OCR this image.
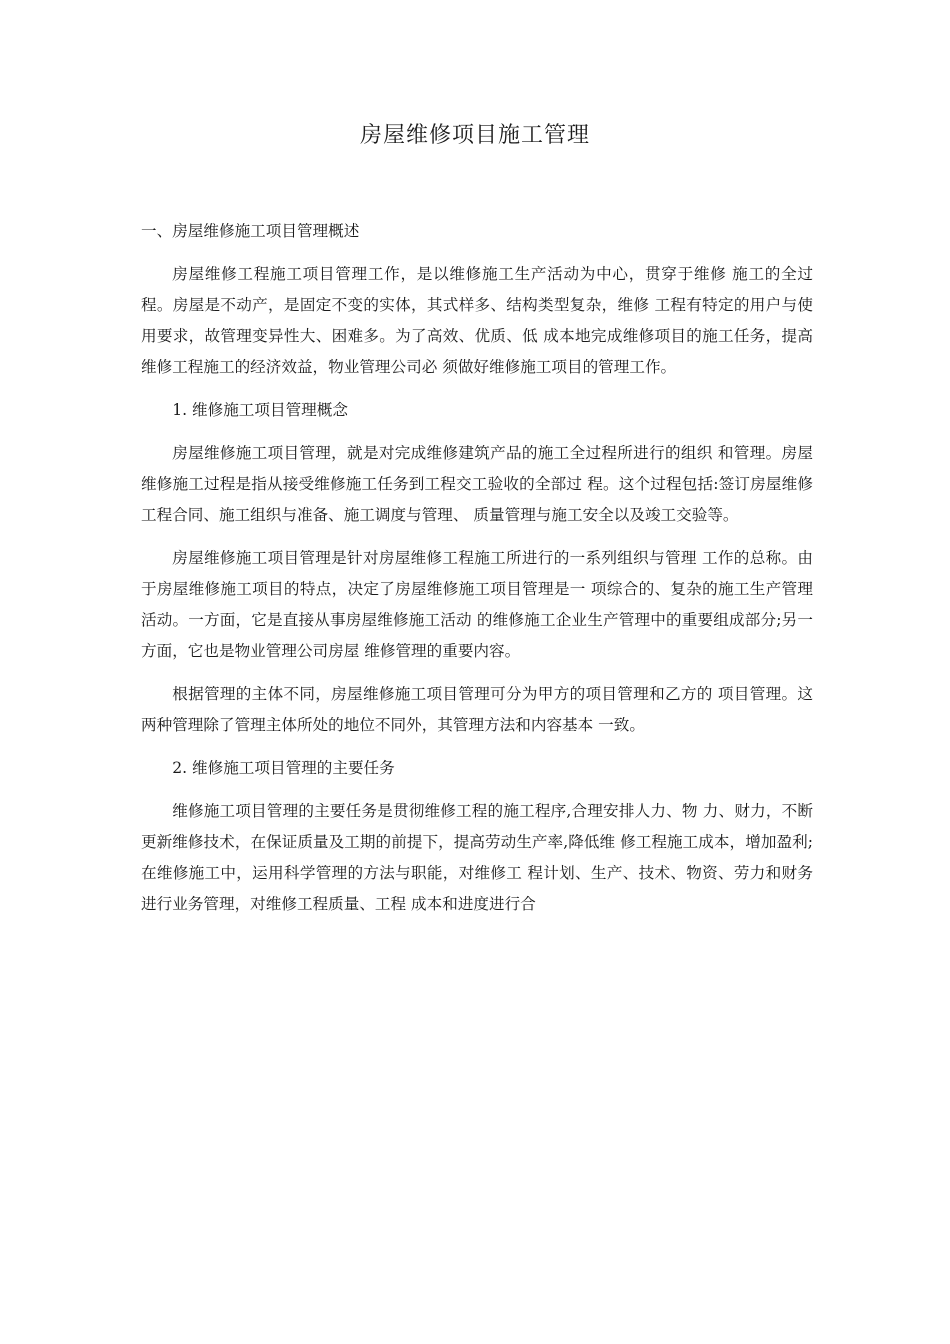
房屋维修项目施工管理

一、房屋维修施工项目管理概述

房屋维修工程施工项目管理工作，是以维修施工生产活动为中心，贯穿于维修 施工的全过程。房屋是不动产，是固定不变的实体，其式样多、结构类型复杂，维修 工程有特定的用户与使用要求，故管理变异性大、困难多。为了高效、优质、低 成本地完成维修项目的施工任务，提高维修工程施工的经济效益，物业管理公司必 须做好维修施工项目的管理工作。

1. 维修施工项目管理概念

房屋维修施工项目管理，就是对完成维修建筑产品的施工全过程所进行的组织 和管理。房屋维修施工过程是指从接受维修施工任务到工程交工验收的全部过 程。这个过程包括:签订房屋维修工程合同、施工组织与准备、施工调度与管理、 质量管理与施工安全以及竣工交验等。

房屋维修施工项目管理是针对房屋维修工程施工所进行的一系列组织与管理 工作的总称。由于房屋维修施工项目的特点，决定了房屋维修施工项目管理是一 项综合的、复杂的施工生产管理活动。一方面，它是直接从事房屋维修施工活动 的维修施工企业生产管理中的重要组成部分;另一方面，它也是物业管理公司房屋 维修管理的重要内容。

根据管理的主体不同，房屋维修施工项目管理可分为甲方的项目管理和乙方的 项目管理。这两种管理除了管理主体所处的地位不同外，其管理方法和内容基本 一致。

2. 维修施工项目管理的主要任务

维修施工项目管理的主要任务是贯彻维修工程的施工程序,合理安排人力、物 力、财力，不断更新维修技术，在保证质量及工期的前提下，提高劳动生产率,降低维 修工程施工成本，增加盈利;在维修施工中，运用科学管理的方法与职能，对维修工 程计划、生产、技术、物资、劳力和财务进行业务管理，对维修工程质量、工程 成本和进度进行合
